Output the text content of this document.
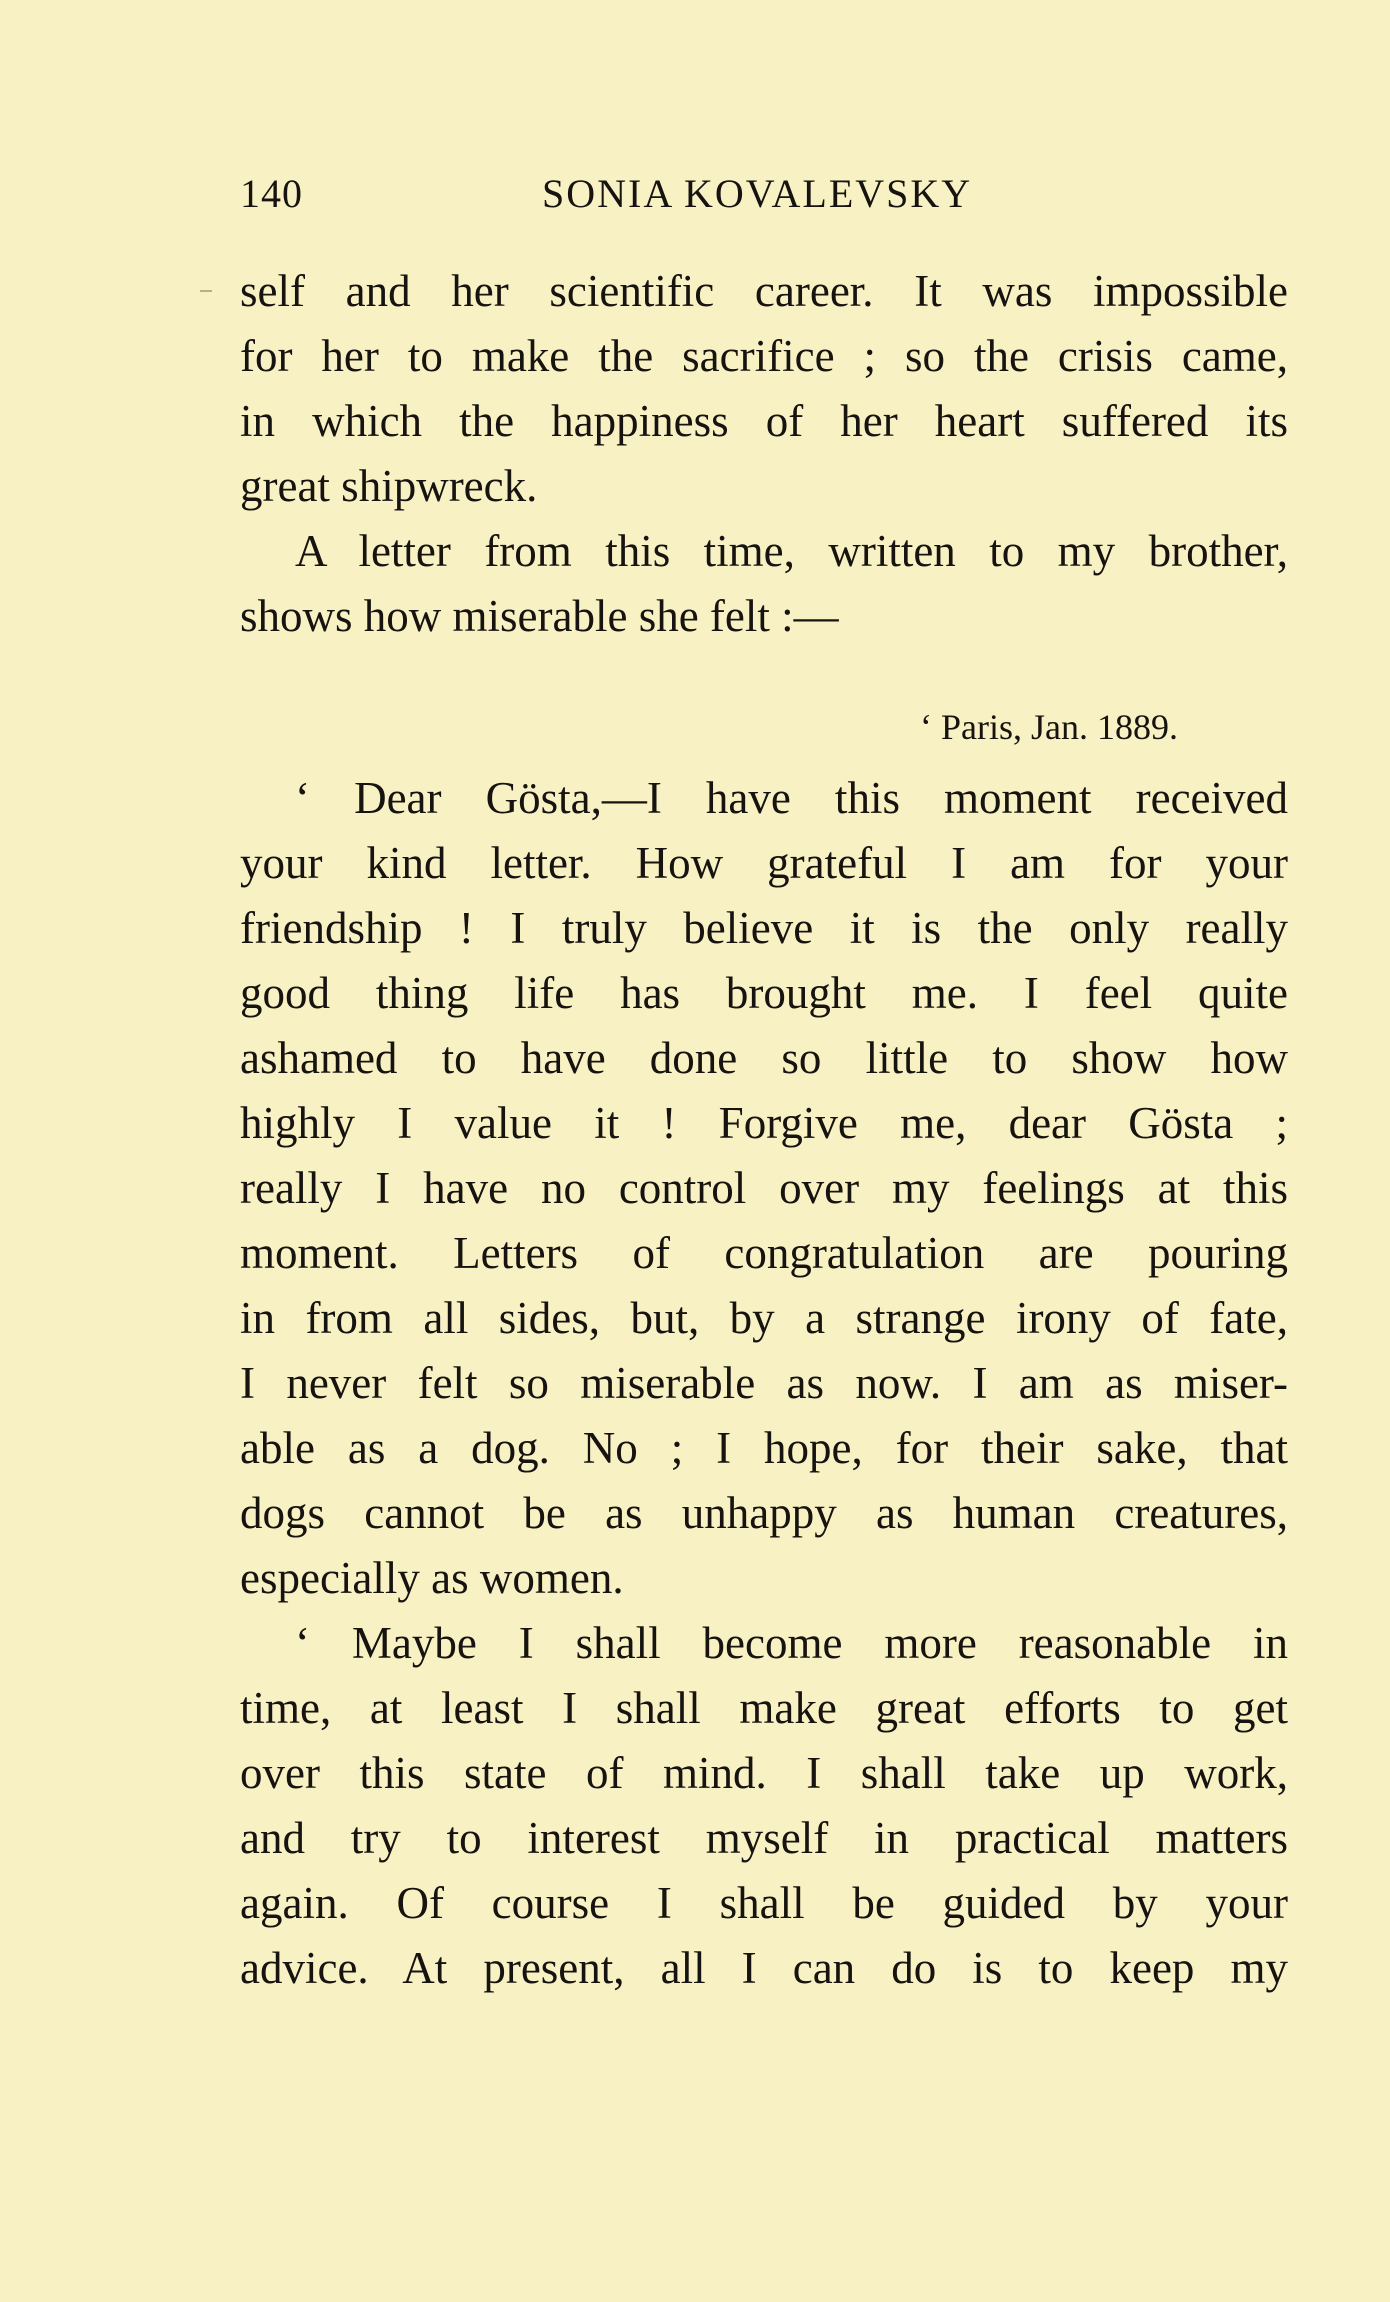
140	SONIA KOVALEVSKY
self and her scientific career. It was impossible
for her to make the sacrifice ; so the crisis came,
in which the happiness of her heart suffered its
great shipwreck.
A letter from this time, written to my brother,
shows how miserable she felt :—
‘ Paris, Jan. 1889.
‘ Dear Gösta,—I have this moment received
your kind letter. How grateful I am for your
friendship ! I truly believe it is the only really
good thing life has brought me. I feel quite
ashamed to have done so little to show how
highly I value it ! Forgive me, dear Gösta ;
really I have no control over my feelings at this
moment. Letters of congratulation are pouring
in from all sides, but, by a strange irony of fate,
I never felt so miserable as now. I am as miser-
able as a dog. No ; I hope, for their sake, that
dogs cannot be as unhappy as human creatures,
especially as women.
‘ Maybe I shall become more reasonable in
time, at least I shall make great efforts to get
over this state of mind. I shall take up work,
and try to interest myself in practical matters
again. Of course I shall be guided by your
advice. At present, all I can do is to keep my
